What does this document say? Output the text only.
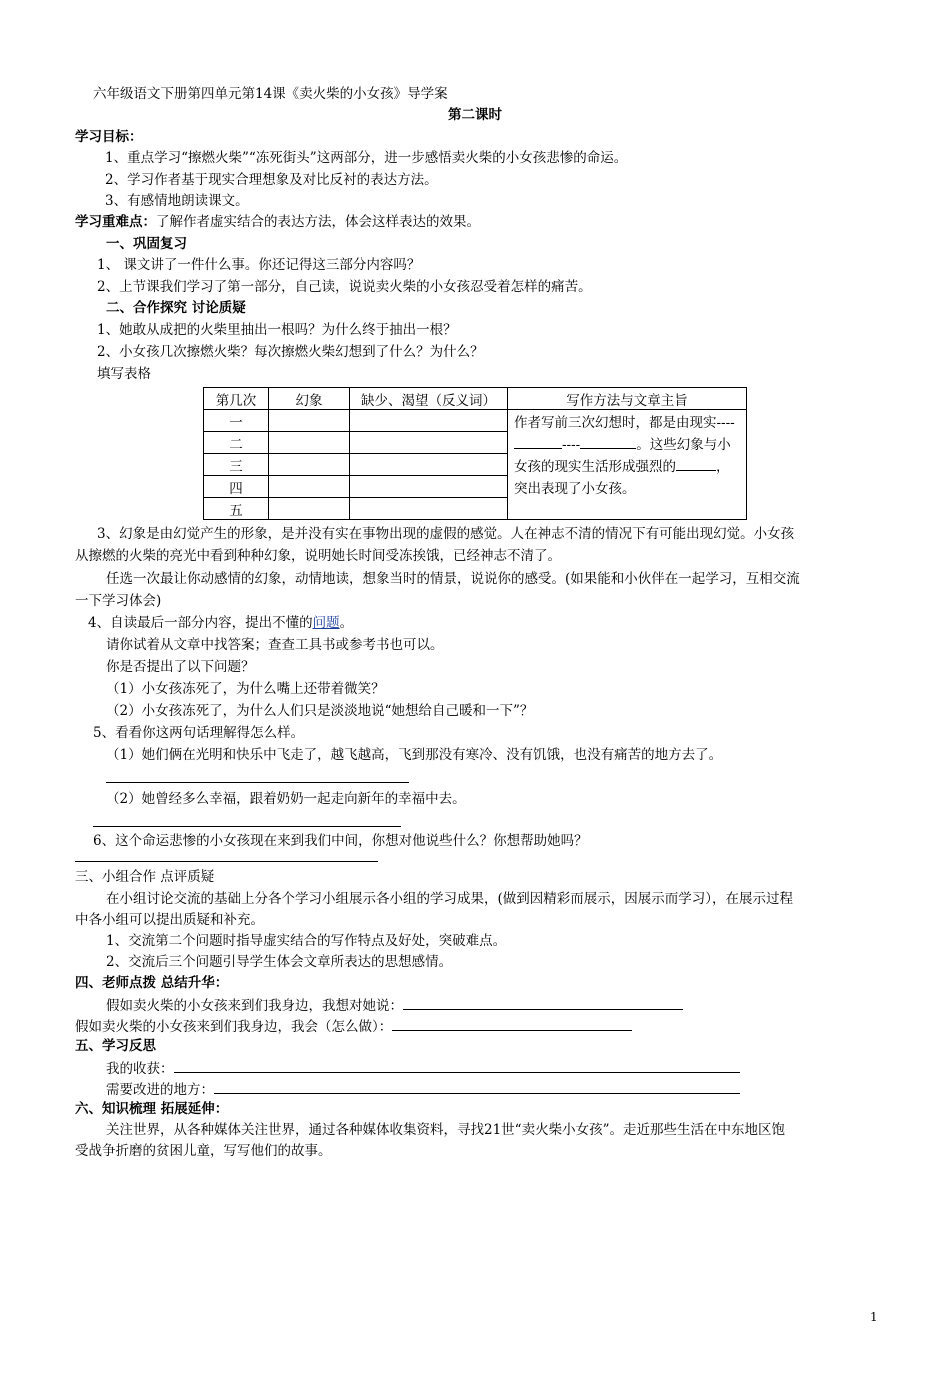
六年级语文下册第四单元第14课《卖火柴的小女孩》导学案
第二课时
学习目标：
1、重点学习“擦燃火柴”“冻死街头”这两部分，进一步感悟卖火柴的小女孩悲惨的命运。
2、学习作者基于现实合理想象及对比反衬的表达方法。
3、有感情地朗读课文。
学习重难点：了解作者虚实结合的表达方法，体会这样表达的效果。
一、巩固复习
1、 课文讲了一件什么事。你还记得这三部分内容吗？
2、上节课我们学习了第一部分，自己读，说说卖火柴的小女孩忍受着怎样的痛苦。
二、合作探究 讨论质疑
1、她敢从成把的火柴里抽出一根吗？为什么终于抽出一根？
2、小女孩几次擦燃火柴？每次擦燃火柴幻想到了什么？为什么？
填写表格
第几次	幻象	缺少、渴望（反义词）	写作方法与文章主旨
一			作者写前三次幻想时，都是由现实-------- 。这些幻象与小女孩的现实生活形成强烈的 ，突出表现了小女孩。
二			
三			
四			
五			
3、幻象是由幻觉产生的形象，是并没有实在事物出现的虚假的感觉。人在神志不清的情况下有可能出现幻觉。小女孩
从擦燃的火柴的亮光中看到种种幻象，说明她长时间受冻挨饿，已经神志不清了。
任选一次最让你动感情的幻象，动情地读，想象当时的情景，说说你的感受。(如果能和小伙伴在一起学习，互相交流
一下学习体会)
4、自读最后一部分内容，提出不懂的问题。
请你试着从文章中找答案；查查工具书或参考书也可以。
你是否提出了以下问题？
（1）小女孩冻死了，为什么嘴上还带着微笑？
（2）小女孩冻死了，为什么人们只是淡淡地说“她想给自己暖和一下”？
5、看看你这两句话理解得怎么样。
（1）她们俩在光明和快乐中飞走了，越飞越高，飞到那没有寒冷、没有饥饿，也没有痛苦的地方去了。
（2）她曾经多么幸福，跟着奶奶一起走向新年的幸福中去。
6、这个命运悲惨的小女孩现在来到我们中间，你想对他说些什么？你想帮助她吗？
三、小组合作 点评质疑
在小组讨论交流的基础上分各个学习小组展示各小组的学习成果，(做到因精彩而展示，因展示而学习），在展示过程
中各小组可以提出质疑和补充。
1、交流第二个问题时指导虚实结合的写作特点及好处，突破难点。
2、交流后三个问题引导学生体会文章所表达的思想感情。
四、老师点拨 总结升华：
假如卖火柴的小女孩来到们我身边，我想对她说：
假如卖火柴的小女孩来到们我身边，我会（怎么做）：
五、学习反思
我的收获：
需要改进的地方：
六、知识梳理 拓展延伸：
关注世界，从各种媒体关注世界，通过各种媒体收集资料，寻找21世“卖火柴小女孩”。走近那些生活在中东地区饱
受战争折磨的贫困儿童，写写他们的故事。
1
